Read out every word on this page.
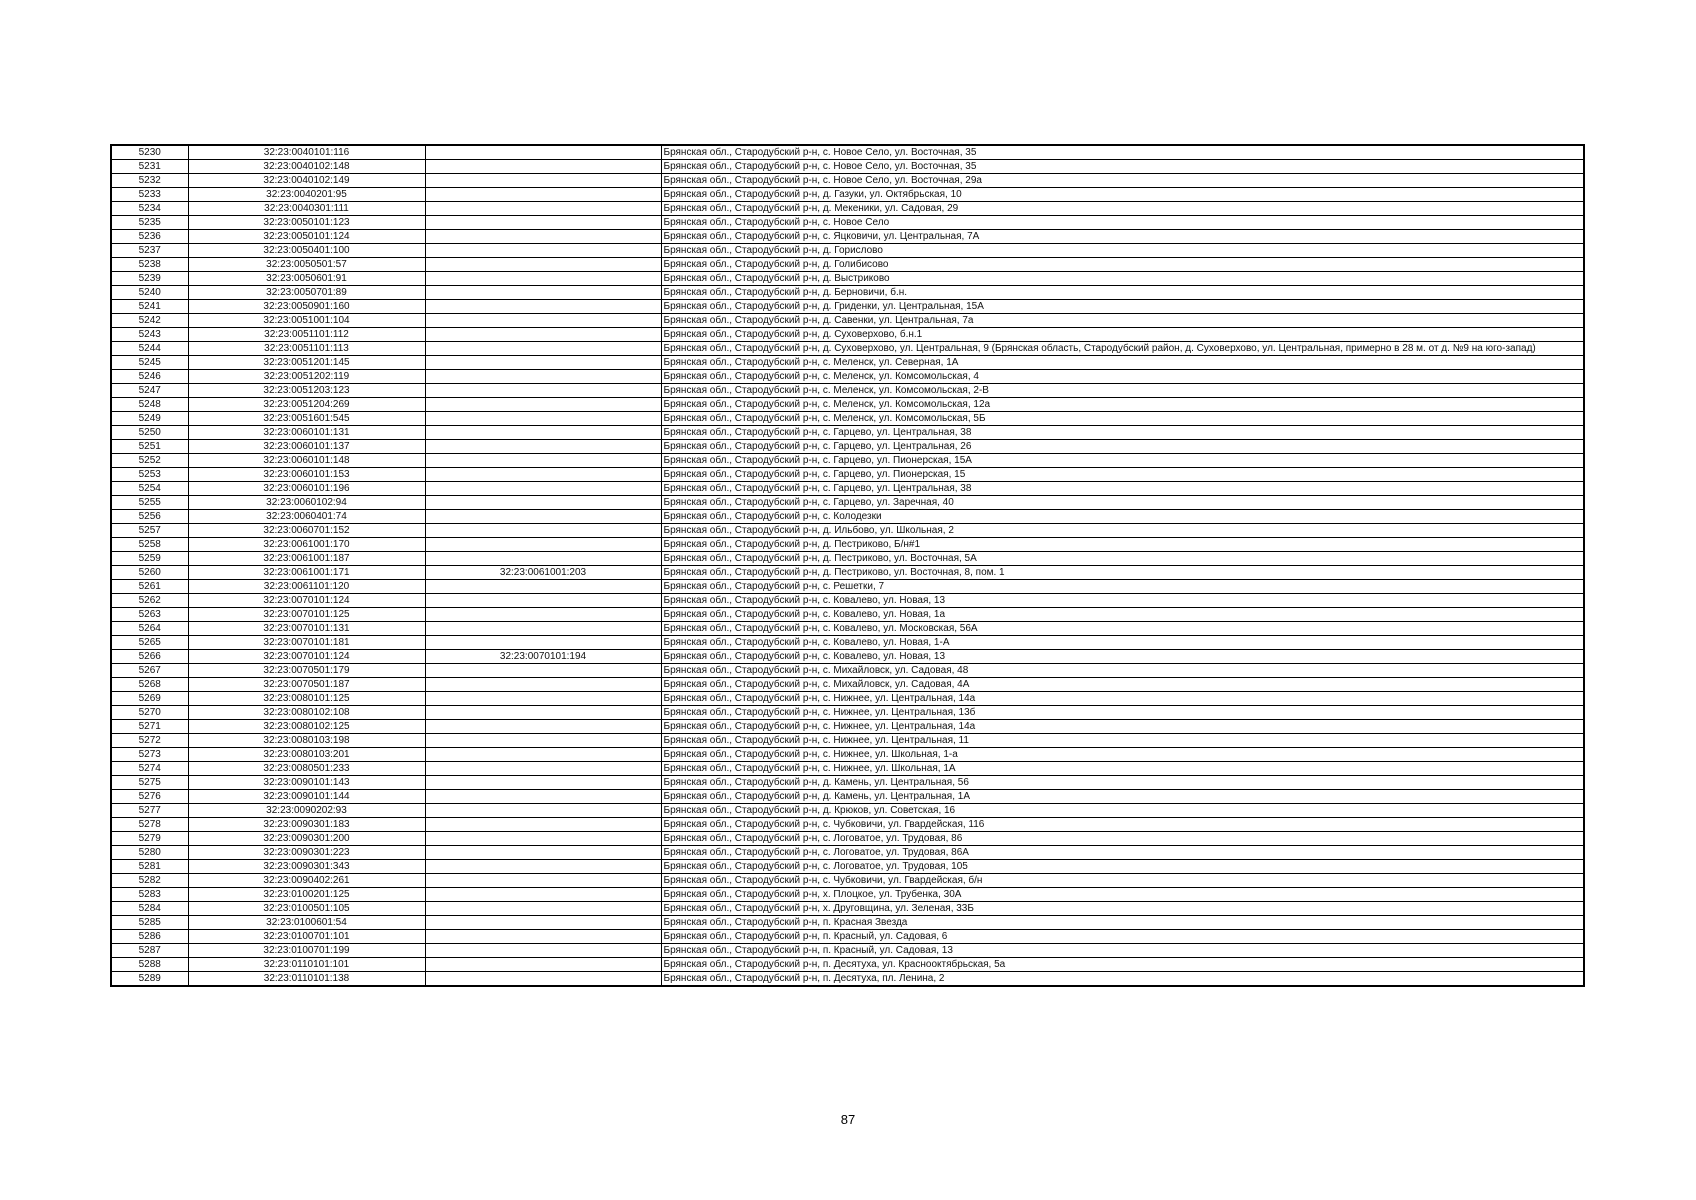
5230	32:23:0040101:116		Брянская обл., Стародубский р-н, с. Новое Село, ул. Восточная, 35
5231	32:23:0040102:148		Брянская обл., Стародубский р-н, с. Новое Село, ул. Восточная, 35
5232	32:23:0040102:149		Брянская обл., Стародубский р-н, с. Новое Село, ул. Восточная, 29а
5233	32:23:0040201:95		Брянская обл., Стародубский р-н, д. Газуки, ул. Октябрьская, 10
5234	32:23:0040301:111		Брянская обл., Стародубский р-н, д. Мекеники, ул. Садовая, 29
5235	32:23:0050101:123		Брянская обл., Стародубский р-н, с. Новое Село
5236	32:23:0050101:124		Брянская обл., Стародубский р-н, с. Яцковичи, ул. Центральная, 7А
5237	32:23:0050401:100		Брянская обл., Стародубский р-н, д. Горислово
5238	32:23:0050501:57		Брянская обл., Стародубский р-н, д. Голибисово
5239	32:23:0050601:91		Брянская обл., Стародубский р-н, д. Выстриково
5240	32:23:0050701:89		Брянская обл., Стародубский р-н, д. Берновичи, б.н.
5241	32:23:0050901:160		Брянская обл., Стародубский р-н, д. Гриденки, ул. Центральная, 15А
5242	32:23:0051001:104		Брянская обл., Стародубский р-н, д. Савенки, ул. Центральная, 7а
5243	32:23:0051101:112		Брянская обл., Стародубский р-н, д. Суховерхово, б.н.1
5244	32:23:0051101:113		Брянская обл., Стародубский р-н, д. Суховерхово, ул. Центральная, 9 (Брянская область, Стародубский район, д. Суховерхово, ул. Центральная, примерно в 28 м. от д. №9 на юго-запад)
5245	32:23:0051201:145		Брянская обл., Стародубский р-н, с. Меленск, ул. Северная, 1А
5246	32:23:0051202:119		Брянская обл., Стародубский р-н, с. Меленск, ул. Комсомольская, 4
5247	32:23:0051203:123		Брянская обл., Стародубский р-н, с. Меленск, ул. Комсомольская, 2-В
5248	32:23:0051204:269		Брянская обл., Стародубский р-н, с. Меленск, ул. Комсомольская, 12а
5249	32:23:0051601:545		Брянская обл., Стародубский р-н, с. Меленск, ул. Комсомольская, 5Б
5250	32:23:0060101:131		Брянская обл., Стародубский р-н, с. Гарцево, ул. Центральная, 38
5251	32:23:0060101:137		Брянская обл., Стародубский р-н, с. Гарцево, ул. Центральная, 26
5252	32:23:0060101:148		Брянская обл., Стародубский р-н, с. Гарцево, ул. Пионерская, 15А
5253	32:23:0060101:153		Брянская обл., Стародубский р-н, с. Гарцево, ул. Пионерская, 15
5254	32:23:0060101:196		Брянская обл., Стародубский р-н, с. Гарцево, ул. Центральная, 38
5255	32:23:0060102:94		Брянская обл., Стародубский р-н, с. Гарцево, ул. Заречная, 40
5256	32:23:0060401:74		Брянская обл., Стародубский р-н, с. Колодезки
5257	32:23:0060701:152		Брянская обл., Стародубский р-н, д. Ильбово, ул. Школьная, 2
5258	32:23:0061001:170		Брянская обл., Стародубский р-н, д. Пестриково, Б/н#1
5259	32:23:0061001:187		Брянская обл., Стародубский р-н, д. Пестриково, ул. Восточная, 5А
5260	32:23:0061001:171	32:23:0061001:203	Брянская обл., Стародубский р-н, д. Пестриково, ул. Восточная, 8, пом. 1
5261	32:23:0061101:120		Брянская обл., Стародубский р-н, с. Решетки, 7
5262	32:23:0070101:124		Брянская обл., Стародубский р-н, с. Ковалево, ул. Новая, 13
5263	32:23:0070101:125		Брянская обл., Стародубский р-н, с. Ковалево, ул. Новая, 1а
5264	32:23:0070101:131		Брянская обл., Стародубский р-н, с. Ковалево, ул. Московская, 56А
5265	32:23:0070101:181		Брянская обл., Стародубский р-н, с. Ковалево, ул. Новая, 1-А
5266	32:23:0070101:124	32:23:0070101:194	Брянская обл., Стародубский р-н, с. Ковалево, ул. Новая, 13
5267	32:23:0070501:179		Брянская обл., Стародубский р-н, с. Михайловск, ул. Садовая, 48
5268	32:23:0070501:187		Брянская обл., Стародубский р-н, с. Михайловск, ул. Садовая, 4А
5269	32:23:0080101:125		Брянская обл., Стародубский р-н, с. Нижнее, ул. Центральная, 14а
5270	32:23:0080102:108		Брянская обл., Стародубский р-н, с. Нижнее, ул. Центральная, 13б
5271	32:23:0080102:125		Брянская обл., Стародубский р-н, с. Нижнее, ул. Центральная, 14а
5272	32:23:0080103:198		Брянская обл., Стародубский р-н, с. Нижнее, ул. Центральная, 11
5273	32:23:0080103:201		Брянская обл., Стародубский р-н, с. Нижнее, ул. Школьная, 1-а
5274	32:23:0080501:233		Брянская обл., Стародубский р-н, с. Нижнее, ул. Школьная, 1А
5275	32:23:0090101:143		Брянская обл., Стародубский р-н, д. Камень, ул. Центральная, 56
5276	32:23:0090101:144		Брянская обл., Стародубский р-н, д. Камень, ул. Центральная, 1А
5277	32:23:0090202:93		Брянская обл., Стародубский р-н, д. Крюков, ул. Советская, 16
5278	32:23:0090301:183		Брянская обл., Стародубский р-н, с. Чубковичи, ул. Гвардейская, 116
5279	32:23:0090301:200		Брянская обл., Стародубский р-н, с. Логоватое, ул. Трудовая, 86
5280	32:23:0090301:223		Брянская обл., Стародубский р-н, с. Логоватое, ул. Трудовая, 86А
5281	32:23:0090301:343		Брянская обл., Стародубский р-н, с. Логоватое, ул. Трудовая, 105
5282	32:23:0090402:261		Брянская обл., Стародубский р-н, с. Чубковичи, ул. Гвардейская, б/н
5283	32:23:0100201:125		Брянская обл., Стародубский р-н, х. Плоцкое, ул. Трубенка, 30А
5284	32:23:0100501:105		Брянская обл., Стародубский р-н, х. Друговщина, ул. Зеленая, 33Б
5285	32:23:0100601:54		Брянская обл., Стародубский р-н, п. Красная Звезда
5286	32:23:0100701:101		Брянская обл., Стародубский р-н, п. Красный, ул. Садовая, 6
5287	32:23:0100701:199		Брянская обл., Стародубский р-н, п. Красный, ул. Садовая, 13
5288	32:23:0110101:101		Брянская обл., Стародубский р-н, п. Десятуха, ул. Краснооктябрьская, 5а
5289	32:23:0110101:138		Брянская обл., Стародубский р-н, п. Десятуха, пл. Ленина, 2
87
